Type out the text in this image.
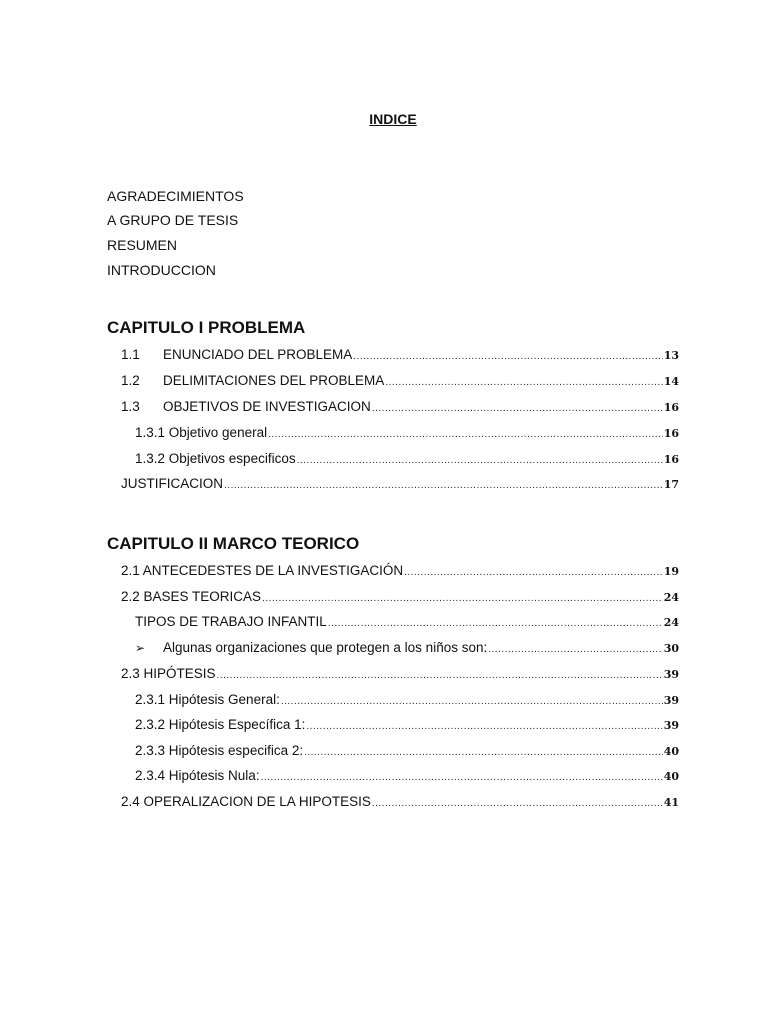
INDICE
AGRADECIMIENTOS
A GRUPO DE TESIS
RESUMEN
INTRODUCCION
CAPITULO I PROBLEMA
1.1 ENUNCIADO DEL PROBLEMA .....	13
1.2 DELIMITACIONES DEL PROBLEMA .....	14
1.3 OBJETIVOS DE INVESTIGACION .....	16
1.3.1 Objetivo general .....	16
1.3.2 Objetivos especificos .....	16
JUSTIFICACION .....	17
CAPITULO II MARCO TEORICO
2.1 ANTECEDESTES DE LA INVESTIGACIÓN .....	19
2.2 BASES TEORICAS .....	24
TIPOS DE TRABAJO INFANTIL .....	24
➢ Algunas organizaciones que protegen a los niños son: .....	30
2.3 HIPÓTESIS .....	39
2.3.1 Hipótesis General: .....	39
2.3.2 Hipótesis Específica 1: .....	39
2.3.3 Hipótesis especifica 2: .....	40
2.3.4 Hipótesis Nula: .....	40
2.4 OPERALIZACION DE LA HIPOTESIS .....	41
